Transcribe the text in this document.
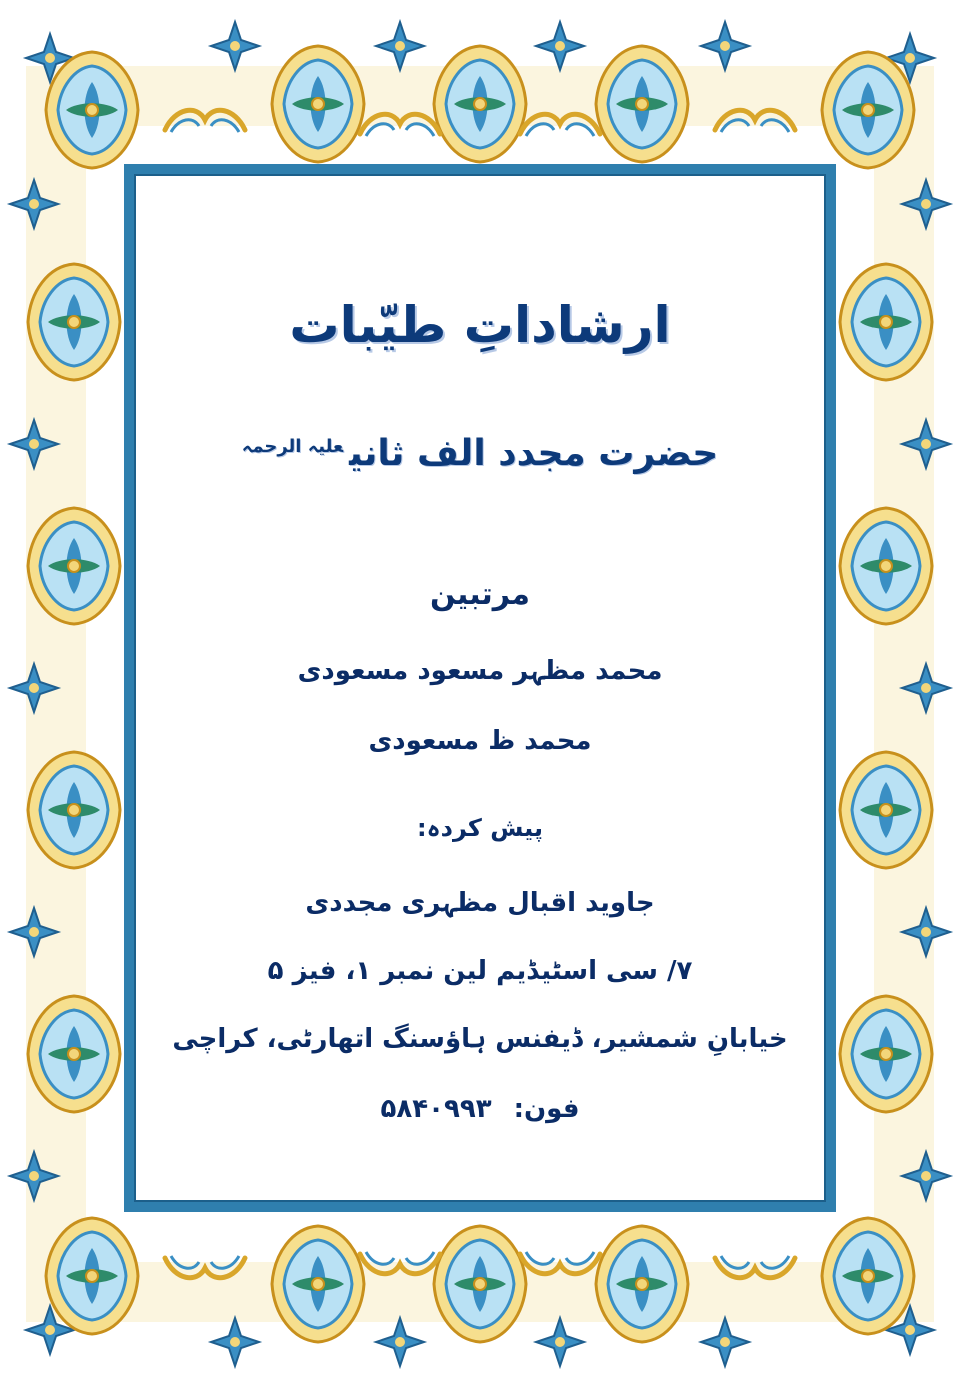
ارشاداتِ طیّبات
حضرت مجدد الف ثانی$^{علیہ الرحمہ}$
مرتبین
محمد مظہر مسعود مسعودی
محمد ظ مسعودی
پیش کردہ:
جاوید اقبال مظہری مجددی
۷/ سی اسٹیڈیم لین نمبر ۱، فیز ۵
خیابانِ شمشیر، ڈیفنس ہاؤسنگ اتھارٹی، کراچی
فون:۵۸۴۰۹۹۳
